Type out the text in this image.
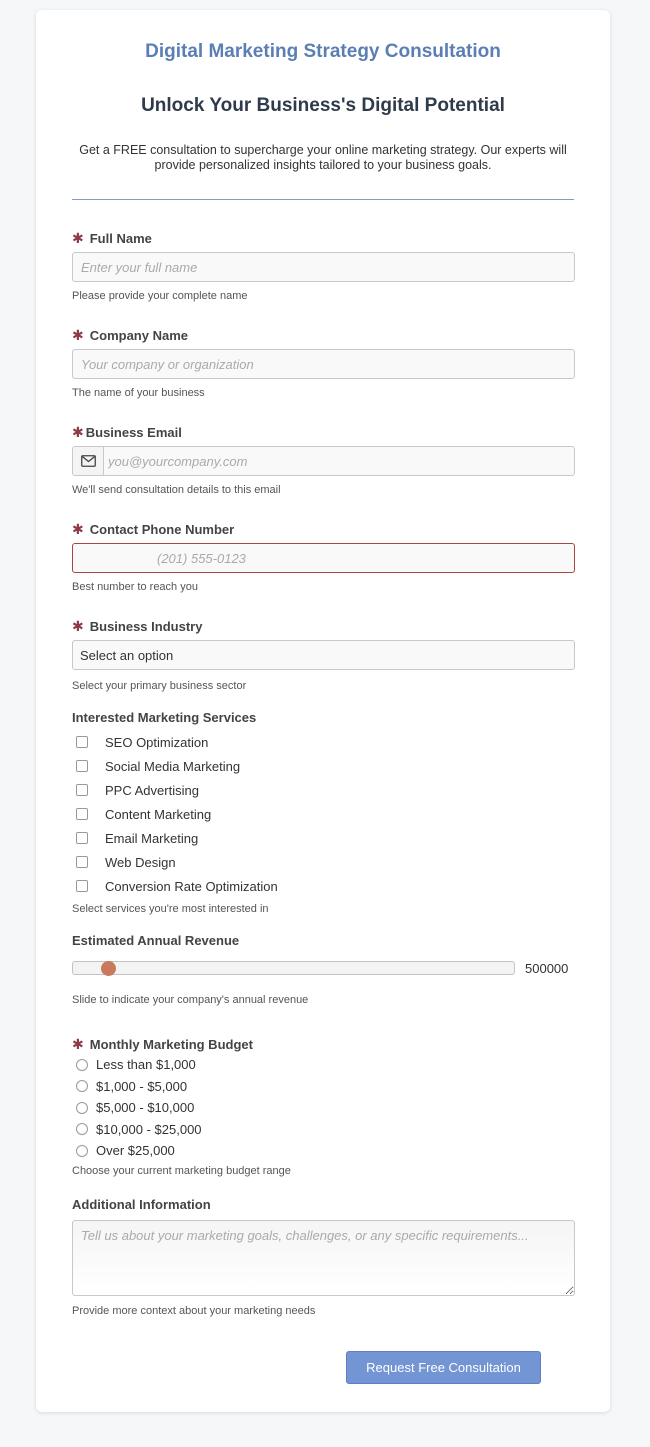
Digital Marketing Strategy Consultation
Unlock Your Business's Digital Potential

Get a FREE consultation to supercharge your online marketing strategy. Our experts will provide personalized insights tailored to your business goals.

✱ Full Name
Enter your full name
Please provide your complete name
✱ Company Name
Your company or organization
The name of your business
✱ Business Email
you@yourcompany.com
We'll send consultation details to this email
✱ Contact Phone Number
(201) 555-0123
Best number to reach you
✱ Business Industry
Select an option
Select your primary business sector
Interested Marketing Services
SEO Optimization
Social Media Marketing
PPC Advertising
Content Marketing
Email Marketing
Web Design
Conversion Rate Optimization
Select services you're most interested in
Estimated Annual Revenue
500000
Slide to indicate your company's annual revenue
✱ Monthly Marketing Budget
Less than $1,000
$1,000 - $5,000
$5,000 - $10,000
$10,000 - $25,000
Over $25,000
Choose your current marketing budget range
Additional Information
Tell us about your marketing goals, challenges, or any specific requirements...
Provide more context about your marketing needs
Request Free Consultation
